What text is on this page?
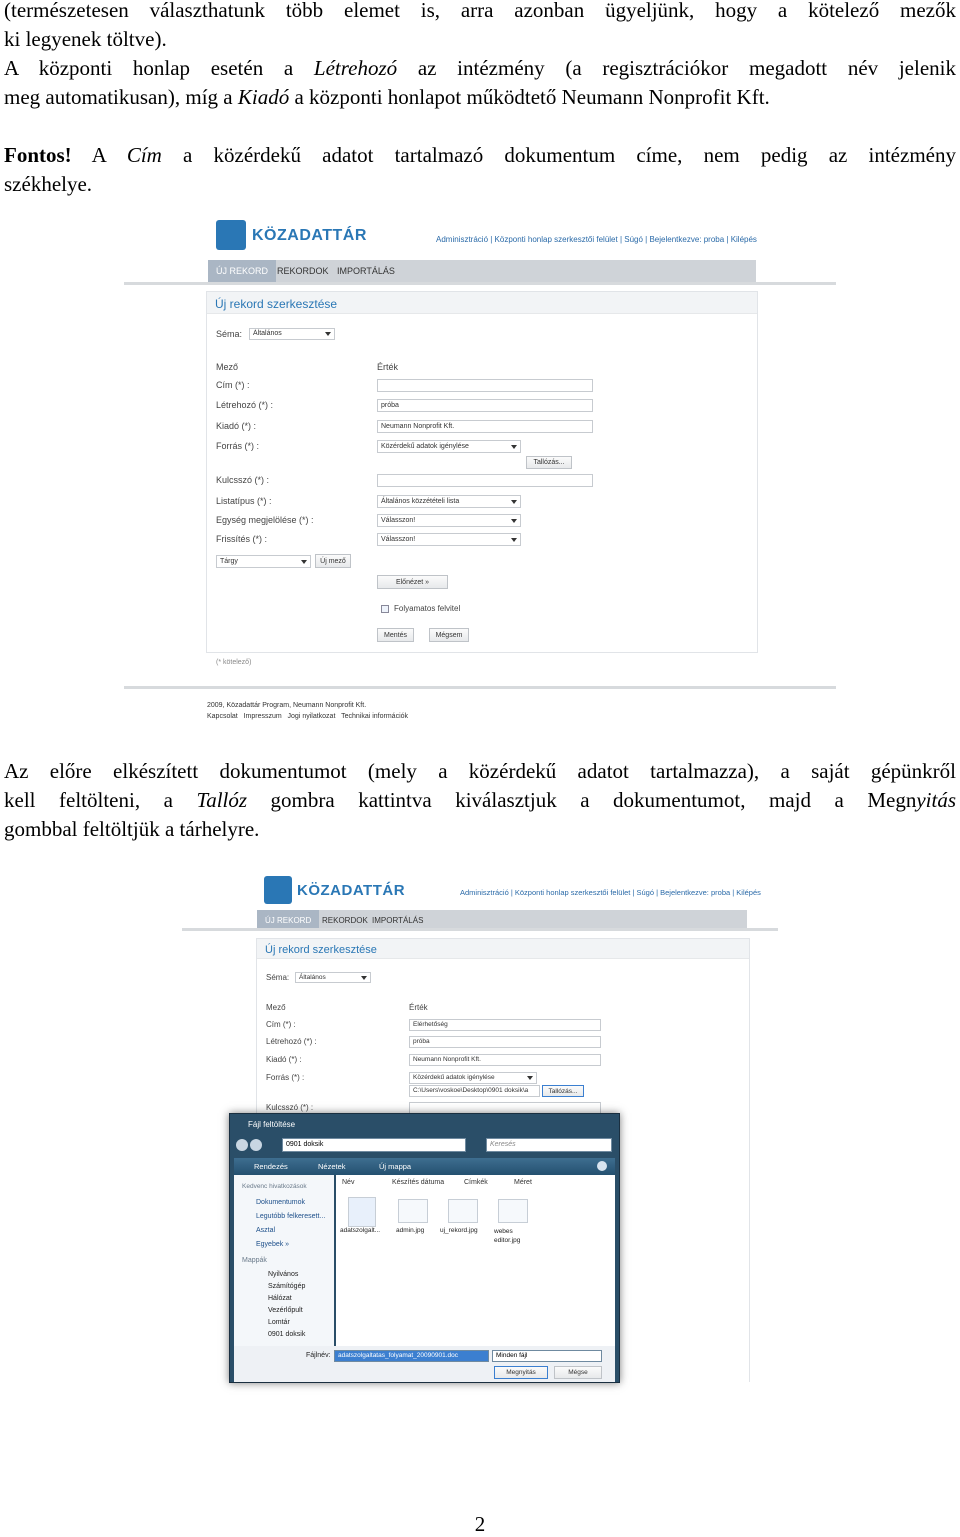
(természetesen választhatunk több elemet is, arra azonban ügyeljünk, hogy a kötelező mezők
ki legyenek töltve).
A központi honlap esetén a Létrehozó az intézmény (a regisztrációkor megadott név jelenik
meg automatikusan), míg a Kiadó a központi honlapot működtető Neumann Nonprofit Kft.
Fontos! A Cím a közérdekű adatot tartalmazó dokumentum címe, nem pedig az intézmény
székhelye.
KÖZADATTÁR	Adminisztráció | Központi honlap szerkesztői felület | Súgó | Bejelentkezve: proba | Kilépés
ÚJ REKORD REKORDOK IMPORTÁLÁS
Új rekord szerkesztése
Séma:	Általános
Mező	Érték
Cím (*) :
Létrehozó (*) :	próba
Kiadó (*) :	Neumann Nonprofit Kft.
Forrás (*) :	Közérdekű adatok igénylése
Tallózás...
Kulcsszó (*) :
Listatípus (*) :	Általános közzétételi lista
Egység megjelölése (*) :	Válasszon!
Frissítés (*) :	Válasszon!
Tárgy	Új mező
Előnézet »
Folyamatos felvitel
Mentés	Mégsem
(* kötelező)
2009, Közadattár Program, Neumann Nonprofit Kft.
Kapcsolat   Impresszum   Jogi nyilatkozat   Technikai információk
Az előre elkészített dokumentumot (mely a közérdekű adatot tartalmazza), a saját gépünkről
kell feltölteni, a Tallóz gombra kattintva kiválasztjuk a dokumentumot, majd a Megnyitás
gombbal feltöltjük a tárhelyre.
KÖZADATTÁR	Adminisztráció | Központi honlap szerkesztői felület | Súgó | Bejelentkezve: proba | Kilépés
ÚJ REKORD	REKORDOK IMPORTÁLÁS
Új rekord szerkesztése
Séma:	Általános
Mező	Érték
Cím (*) :	Elérhetőség
Létrehozó (*) :	próba
Kiadó (*) :	Neumann Nonprofit Kft.
Forrás (*) :	Közérdekű adatok igénylése
C:\Users\voskoe\Desktop\0901 doksik\a	Tallózás...
Kulcsszó (*) :
Fájl feltöltése
0901 doksik	Keresés
Rendezés	Nézetek	Új mappa
Kedvenc hivatkozások
Dokumentumok
Legutóbb felkeresett...
Asztal
Egyebek »
Mappák
Nyilvános
Számítógép
Hálózat
Vezérlőpult
Lomtár
0901 doksik
Név	Készítés dátuma	Címkék	Méret
adatszolgalt... admin.jpg uj_rekord.jpg	webes editor.jpg
Fájlnév:	adatszolgaltatas_folyamat_20090901.doc	Minden fájl
Megnyitás	Mégse
2
